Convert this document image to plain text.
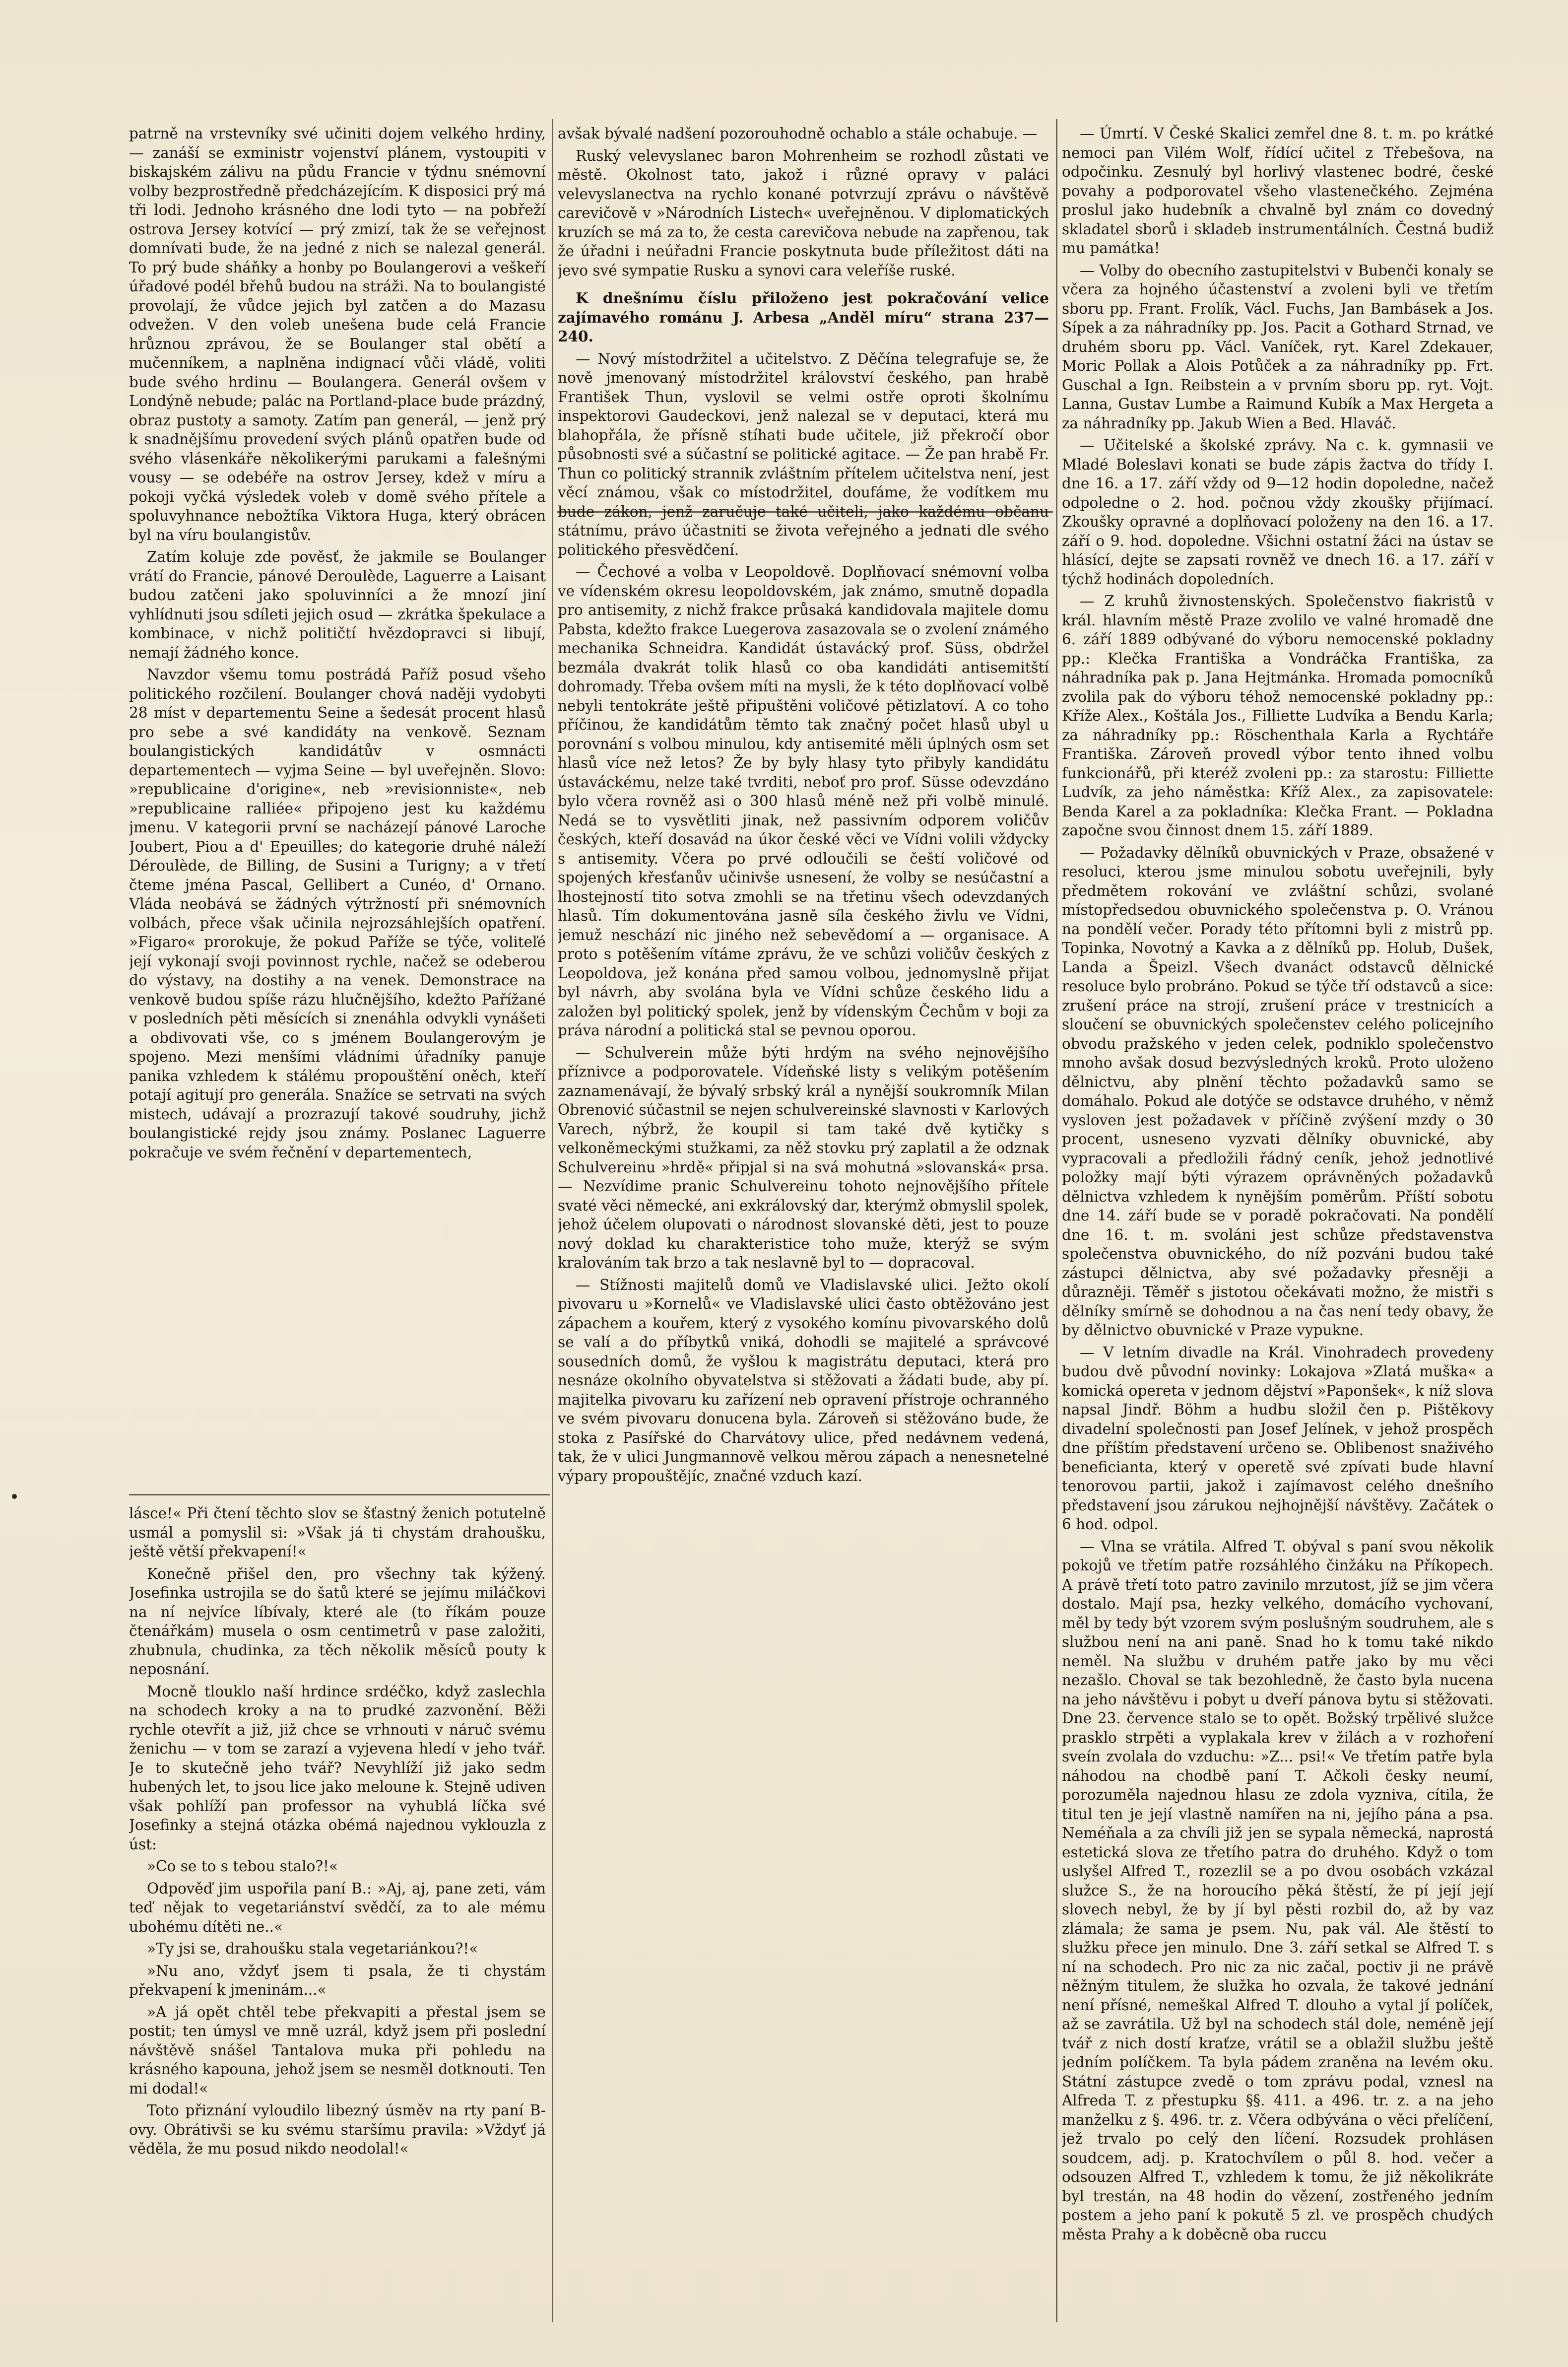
patrně na vrstevníky své učiniti dojem velkého hrdiny, — zanáší se exministr vojenství plánem, vystoupiti v biskajském zálivu na půdu Francie v týdnu snémovní volby bezprostředně předcházejícím. K disposici prý má tři lodi. Jednoho krásného dne lodi tyto — na pobřeží ostrova Jersey kotvící — prý zmizí, tak že se veřejnost domnívati bude, že na jedné z nich se nalezal generál. To prý bude sháňky a honby po Boulangerovi a veškeří úřadové podél břehů budou na stráži. Na to boulangisté provolají, že vůdce jejich byl zatčen a do Mazasu odvežen. V den voleb unešena bude celá Francie hrůznou zprávou, že se Boulanger stal obětí a mučenníkem, a naplněna indignací vůči vládě, voliti bude svého hrdinu — Boulangera. Generál ovšem v Londýně nebude; palác na Portland-place bude prázdný, obraz pustoty a samoty. Zatím pan generál, — jenž prý k snadnějšímu provedení svých plánů opatřen bude od svého vlásenkáře několikerými parukami a falešnými vousy — se odebéře na ostrov Jersey, kdež v míru a pokoji vyčká výsledek voleb v domě svého přítele a spoluvyhnance nebožtíka Viktora Huga, který obrácen byl na víru boulangistův.

Zatím koluje zde pověsť, že jakmile se Boulanger vrátí do Francie, pánové Deroulède, Laguerre a Laisant budou zatčeni jako spoluvinníci a že mnozí jiní vyhlídnuti jsou sdíleti jejich osud — zkrátka špekulace a kombinace, v nichž političtí hvězdopravci si libují, nemají žádného konce.

Navzdor všemu tomu postrádá Paříž posud všeho politického rozčilení. Boulanger chová naději vydobyti 28 míst v departementu Seine a šedesát procent hlasů pro sebe a své kandidáty na venkově. Seznam boulangistických kandidátův v osmnácti departementech — vyjma Seine — byl uveřejněn. Slovo: »republicaine d'origine«, neb »revisionniste«, neb »republicaine ralliée« připojeno jest ku každému jmenu. V kategorii první se nacházejí pánové Laroche Joubert, Piou a d' Epeuilles; do kategorie druhé náleží Déroulède, de Billing, de Susini a Turigny; a v třetí čteme jména Pascal, Gellibert a Cunéo, d' Ornano. Vláda neobává se žádných výtržností při snémovních volbách, přece však učinila nejrozsáhlejších opatření. »Figaro« prorokuje, že pokud Paříže se týče, voliteľé její vykonají svoji povinnost rychle, načež se odeberou do výstavy, na dostihy a na venek. Demonstrace na venkově budou spíše rázu hlučnějšího, kdežto Pařížané v posledních pěti měsících si znenáhla odvykli vynášeti a obdivovati vše, co s jménem Boulangerovým je spojeno. Mezi menšími vládními úřadníky panuje panika vzhledem k stálému propouštění oněch, kteří potají agitují pro generála. Snažíce se setrvati na svých mistech, udávají a prozrazují takové soudruhy, jichž boulangistické rejdy jsou známy. Poslanec Laguerre pokračuje ve svém řečnění v departementech,

lásce!« Při čtení těchto slov se šťastný ženich potutelně usmál a pomyslil si: »Však já ti chystám drahoušku, ještě větší překvapení!«

Konečně přišel den, pro všechny tak kýžený. Josefinka ustrojila se do šatů které se jejímu miláčkovi na ní nejvíce líbívaly, které ale (to říkám pouze čtenářkám) musela o osm centimetrů v pase založiti, zhubnula, chudinka, za těch několik měsíců pouty k neposnání.

Mocně tlouklo naší hrdince srdéčko, když zaslechla na schodech kroky a na to prudké zazvonění. Běži rychle otevřít a již, již chce se vrhnouti v náruč svému ženichu — v tom se zarazí a vyjevena hledí v jeho tvář. Je to skutečně jeho tvář? Nevyhlíží již jako sedm hubených let, to jsou lice jako meloune k. Stejně udiven však pohlíží pan professor na vyhublá líčka své Josefinky a stejná otázka obémá najednou vyklouzla z úst:

»Co se to s tebou stalo?!«

Odpověď jim uspořila paní B.: »Aj, aj, pane zeti, vám teď nějak to vegetariánství svědčí, za to ale mému ubohému dítěti ne..«

»Ty jsi se, drahoušku stala vegetariánkou?!«

»Nu ano, vždyť jsem ti psala, že ti chystám překvapení k jmeninám...«

»A já opět chtěl tebe překvapiti a přestal jsem se postit; ten úmysl ve mně uzrál, když jsem při poslední návštěvě snášel Tantalova muka při pohledu na krásného kapouna, jehož jsem se nesměl dotknouti. Ten mi dodal!«

Toto přiznání vyloudilo libezný úsměv na rty paní B-ovy. Obrátivši se ku svému staršímu pravila: »Vždyť já věděla, že mu posud nikdo neodolal!«

avšak bývalé nadšení pozorouhodně ochablo a stále ochabuje. —

Ruský velevyslanec baron Mohrenheim se rozhodl zůstati ve městě. Okolnost tato, jakož i různé opravy v paláci velevyslanectva na rychlo konané potvrzují zprávu o návštěvě carevičově v »Národních Listech« uveřejněnou. V diplomatických kruzích se má za to, že cesta carevičova nebude na zapřenou, tak že úřadni i neúřadni Francie poskytnuta bude příležitost dáti na jevo své sympatie Rusku a synovi cara veleříše ruské.

K dnešnímu číslu přiloženo jest pokračování velice zajímavého románu J. Arbesa „Anděl míru“ strana 237—240.

— Nový místodržitel a učitelstvo. Z Děčína telegrafuje se, že nově jmenovaný místodržitel království českého, pan hrabě František Thun, vyslovil se velmi ostře oproti školnímu inspektorovi Gaudeckovi, jenž nalezal se v deputaci, která mu blahopřála, že přísně stíhati bude učitele, již překročí obor působnosti své a súčastní se politické agitace. — Že pan hrabě Fr. Thun co politický strannik zvláštním přítelem učitelstva není, jest věcí známou, však co místodržitel, doufáme, že vodítkem mu bude zákon, jenž zaručuje také učiteli, jako každému občanu státnímu, právo účastniti se života veřejného a jednati dle svého politického přesvědčení.

— Čechové a volba v Leopoldově. Doplňovací snémovní volba ve vídenském okresu leopoldovském, jak známo, smutně dopadla pro antisemity, z nichž frakce průsaká kandidovala majitele domu Pabsta, kdežto frakce Luegerova zasazovala se o zvolení známého mechanika Schneidra. Kandidát ústavácký prof. Süss, obdržel bezmála dvakrát tolik hlasů co oba kandidáti antisemitští dohromady. Třeba ovšem míti na mysli, že k této doplňovací volbě nebyli tentokráte ještě připuštěni voličové pětizlatoví. A co toho příčinou, že kandidátům těmto tak značný počet hlasů ubyl u porovnání s volbou minulou, kdy antisemité měli úplných osm set hlasů více než letos? Že by byly hlasy tyto přibyly kandidátu ústaváckému, nelze také tvrditi, neboť pro prof. Süsse odevzdáno bylo včera rovněž asi o 300 hlasů méně než při volbě minulé. Nedá se to vysvětliti jinak, než passivním odporem voličův českých, kteří dosavád na úkor české věci ve Vídni volili vždycky s antisemity. Včera po prvé odloučili se čeští voličové od spojených křesťanův učinivše usnesení, že volby se nesúčastní a lhostejností tito sotva zmohli se na třetinu všech odevzdaných hlasů. Tím dokumentována jasně síla českého živlu ve Vídni, jemuž neschází nic jiného než sebevědomí a — organisace. A proto s potěšením vítáme zprávu, že ve schůzi voličův českých z Leopoldova, jež konána před samou volbou, jednomyslně přijat byl návrh, aby svolána byla ve Vídni schůze českého lidu a založen byl politický spolek, jenž by vídenským Čechům v boji za práva národní a politická stal se pevnou oporou.

— Schulverein může býti hrdým na svého nejnovějšího příznivce a podporovatele. Vídeňské listy s velikým potěšením zaznamenávají, že bývalý srbský král a nynější soukromník Milan Obrenović súčastnil se nejen schulvereinské slavnosti v Karlových Varech, nýbrž, že koupil si tam také dvě kytičky s velkoněmeckými stužkami, za něž stovku prý zaplatil a že odznak Schulvereinu »hrdě« připjal si na svá mohutná »slovanská« prsa. — Nezvídime pranic Schulvereinu tohoto nejnovějšího přítele svaté věci německé, ani exkrálovský dar, kterýmž obmyslil spolek, jehož účelem olupovati o národnost slovanské děti, jest to pouze nový doklad ku charakteristice toho muže, kterýž se svým kralováním tak brzo a tak neslavně byl to — dopracoval.

— Stížnosti majitelů domů ve Vladislavské ulici. Ježto okolí pivovaru u »Kornelů« ve Vladislavské ulici často obtěžováno jest zápachem a kouřem, který z vysokého komínu pivovarského dolů se valí a do příbytků vniká, dohodli se majitelé a správcové sousedních domů, že vyšlou k magistrátu deputaci, která pro nesnáze okolního obyvatelstva si stěžovati a žádati bude, aby pí. majitelka pivovaru ku zařízení neb opravení přístroje ochranného ve svém pivovaru donucena byla. Zároveň si stěžováno bude, že stoka z Pasířské do Charvátovy ulice, před nedávnem vedená, tak, že v ulici Jungmannově velkou měrou zápach a nenesnetelné výpary propouštějíc, značné vzduch kazí.

— Úmrtí. V České Skalici zemřel dne 8. t. m. po krátké nemoci pan Vilém Wolf, řídící učitel z Třebešova, na odpočinku. Zesnulý byl horlivý vlastenec bodré, české povahy a podporovatel všeho vlastenečkého. Zejména proslul jako hudebník a chvalně byl znám co dovedný skladatel sborů i skladeb instrumentálních. Čestná budiž mu památka!

— Volby do obecního zastupitelstvi v Bubenči konaly se včera za hojného účastenství a zvoleni byli ve třetím sboru pp. Frant. Frolík, Václ. Fuchs, Jan Bambásek a Jos. Sípek a za náhradníky pp. Jos. Pacit a Gothard Strnad, ve druhém sboru pp. Václ. Vaníček, ryt. Karel Zdekauer, Moric Pollak a Alois Potůček a za náhradníky pp. Frt. Guschal a Ign. Reibstein a v prvním sboru pp. ryt. Vojt. Lanna, Gustav Lumbe a Raimund Kubík a Max Hergeta a za náhradníky pp. Jakub Wien a Bed. Hlaváč.

— Učitelské a školské zprávy. Na c. k. gymnasii ve Mladé Boleslavi konati se bude zápis žactva do třídy I. dne 16. a 17. září vždy od 9—12 hodin dopoledne, načež odpoledne o 2. hod. počnou vždy zkoušky přijímací. Zkoušky opravné a doplňovací položeny na den 16. a 17. září o 9. hod. dopoledne. Všichni ostatní žáci na ústav se hlásící, dejte se zapsati rovněž ve dnech 16. a 17. září v týchž hodinách dopoledních.

— Z kruhů živnostenských. Společenstvo fiakristů v král. hlavním městě Praze zvolilo ve valné hromadě dne 6. září 1889 odbývané do výboru nemocenské pokladny pp.: Klečka Františka a Vondráčka Františka, za náhradníka pak p. Jana Hejtmánka. Hromada pomocníků zvolila pak do výboru téhož nemocenské pokladny pp.: Kříže Alex., Koštála Jos., Filliette Ludvíka a Bendu Karla; za náhradníky pp.: Röschenthala Karla a Rychtáře Františka. Zároveň provedl výbor tento ihned volbu funkcionářů, při kteréž zvoleni pp.: za starostu: Filliette Ludvík, za jeho náměstka: Kříž Alex., za zapisovatele: Benda Karel a za pokladníka: Klečka Frant. — Pokladna započne svou činnost dnem 15. září 1889.

— Požadavky dělníků obuvnických v Praze, obsažené v resoluci, kterou jsme minulou sobotu uveřejnili, byly předmětem rokování ve zvláštní schůzi, svolané místopředsedou obuvnického společenstva p. O. Vránou na pondělí večer. Porady této přítomni byli z mistrů pp. Topinka, Novotný a Kavka a z dělníků pp. Holub, Dušek, Landa a Špeizl. Všech dvanáct odstavců dělnické resoluce bylo probráno. Pokud se týče tří odstavců a sice: zrušení práce na strojí, zrušení práce v trestnicích a sloučení se obuvnických společenstev celého policejního obvodu pražského v jeden celek, podniklo společenstvo mnoho avšak dosud bezvýsledných kroků. Proto uloženo dělnictvu, aby plnění těchto požadavků samo se domáhalo. Pokud ale dotýče se odstavce druhého, v němž vysloven jest požadavek v příčině zvýšení mzdy o 30 procent, usneseno vyzvati dělníky obuvnické, aby vypracovali a předložili řádný ceník, jehož jednotlivé položky mají býti výrazem oprávněných požadavků dělnictva vzhledem k nynějším poměrům. Příští sobotu dne 14. září bude se v poradě pokračovati. Na pondělí dne 16. t. m. svoláni jest schůze představenstva společenstva obuvnického, do níž pozváni budou také zástupci dělnictva, aby své požadavky přesněji a důrazněji. Těměř s jistotou očekávati možno, že mistři s dělníky smírně se dohodnou a na čas není tedy obavy, že by dělnictvo obuvnické v Praze vypukne.

— V letním divadle na Král. Vinohradech provedeny budou dvě původní novinky: Lokajova »Zlatá muška« a komická opereta v jednom dějství »Paponšek«, k níž slova napsal Jindř. Böhm a hudbu složil čen p. Pištěkovy divadelní společnosti pan Josef Jelínek, v jehož prospěch dne příštím představení určeno se. Oblibenost snaživého beneficianta, který v operetě své zpívati bude hlavní tenorovou partii, jakož i zajímavost celého dnešního představení jsou zárukou nejhojnější návštěvy. Začátek o 6 hod. odpol.

— Vlna se vrátila. Alfred T. obýval s paní svou několik pokojů ve třetím patře rozsáhlého činžáku na Příkopech. A právě třetí toto patro zavinilo mrzutost, jíž se jim včera dostalo. Mají psa, hezky velkého, domácího vychovaní, měl by tedy být vzorem svým poslušným soudruhem, ale s službou není na ani paně. Snad ho k tomu také nikdo neměl. Na službu v druhém patře jako by mu věci nezašlo. Choval se tak bezohledně, že často byla nucena na jeho návštěvu i pobyt u dveří pánova bytu si stěžovati. Dne 23. července stalo se to opět. Božský trpělivé služce prasklo strpěti a vyplakala krev v žilách a v rozhoření sveín zvolala do vzduchu: »Z... psi!« Ve třetím patře byla náhodou na chodbě paní T. Ačkoli česky neumí, porozuměla najednou hlasu ze zdola vyzniva, cítila, že titul ten je její vlastně namířen na ni, jejího pána a psa. Neméňala a za chvíli již jen se sypala německá, naprostá estetická slova ze třetího patra do druhého. Když o tom uslyšel Alfred T., rozezlil se a po dvou osobách vzkázal služce S., že na horoucího pěká štěstí, že pí její její slovech nebyl, že by jí byl pěsti rozbil do, až by vaz zlámala; že sama je psem. Nu, pak vál. Ale štěstí to služku přece jen minulo. Dne 3. září setkal se Alfred T. s ní na schodech. Pro nic za nic začal, poctiv ji ne právě něžným titulem, že služka ho ozvala, že takové jednání není přísné, nemeškal Alfred T. dlouho a vytal jí políček, až se zavrátila. Už byl na schodech stál dole, neméně její tvář z nich dostí kraťze, vrátil se a oblažil službu ještě jedním políčkem. Ta byla pádem zraněna na levém oku. Státní zástupce zvedě o tom zprávu podal, vznesl na Alfreda T. z přestupku §§. 411. a 496. tr. z. a na jeho manželku z §. 496. tr. z. Včera odbývána o věci přelíčení, jež trvalo po celý den líčení. Rozsudek prohlásen soudcem, adj. p. Kratochvílem o půl 8. hod. večer a odsouzen Alfred T., vzhledem k tomu, že již několikráte byl trestán, na 48 hodin do vězení, zostřeného jedním postem a jeho paní k pokutě 5 zl. ve prospěch chudých města Prahy a k doběcně oba ruccu
